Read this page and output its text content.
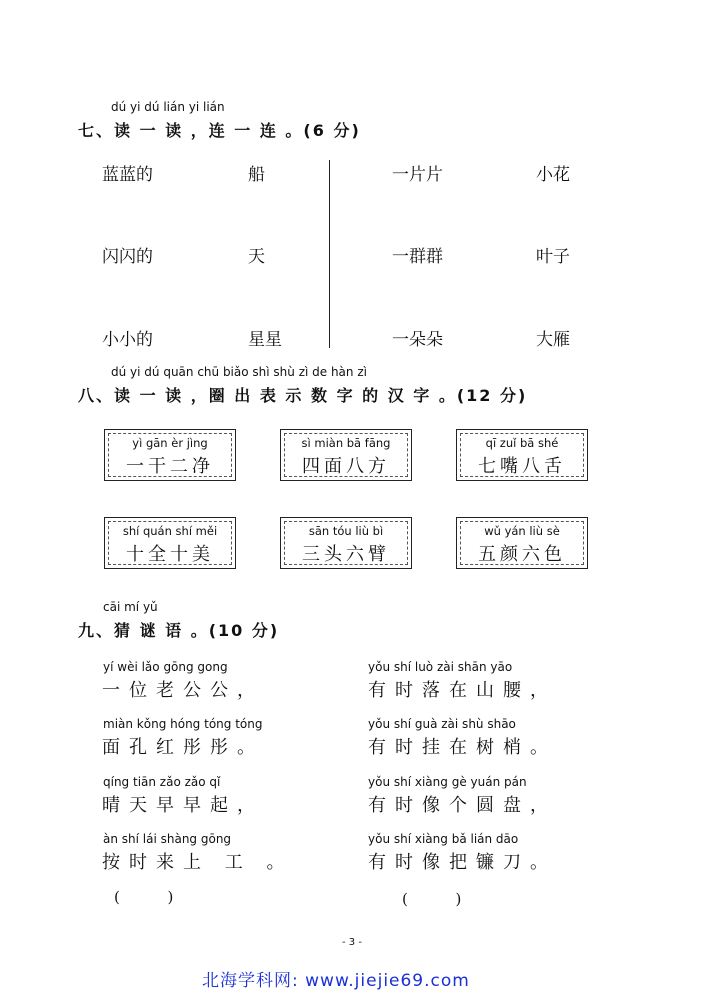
dú yi dú lián yi lián
七、读 一 读 ，连 一 连 。(6 分)
蓝蓝的	船
闪闪的	天
小小的	星星
一片片	小花
一群群	叶子
一朵朵	大雁
dú yi dú quān chū biǎo shì shù zì de hàn zì
八、读 一 读 ，圈 出 表 示 数 字 的 汉 字 。(12 分)
yì gān èr jìng
一干二净
sì miàn bā fāng
四面八方
qī zuǐ bā shé
七嘴八舌
shí quán shí měi
十全十美
sān tóu liù bì
三头六臂
wǔ yán liù sè
五颜六色
cāi mí yǔ
九、猜 谜 语 。(10 分)
yí wèi lǎo gōng gong
一位老公公，
miàn kǒng hóng tóng tóng
面孔红彤彤。
qíng tiān zǎo zǎo qǐ
晴天早早起，
àn shí lái shàng gōng
按时来上 工 。
yǒu shí luò zài shān yāo
有时落在山腰，
yǒu shí guà zài shù shāo
有时挂在树梢。
yǒu shí xiàng gè yuán pán
有时像个圆盘，
yǒu shí xiàng bǎ lián dāo
有时像把镰刀。
(          )	(          )
- 3 -
北海学科网: www.jiejie69.com
